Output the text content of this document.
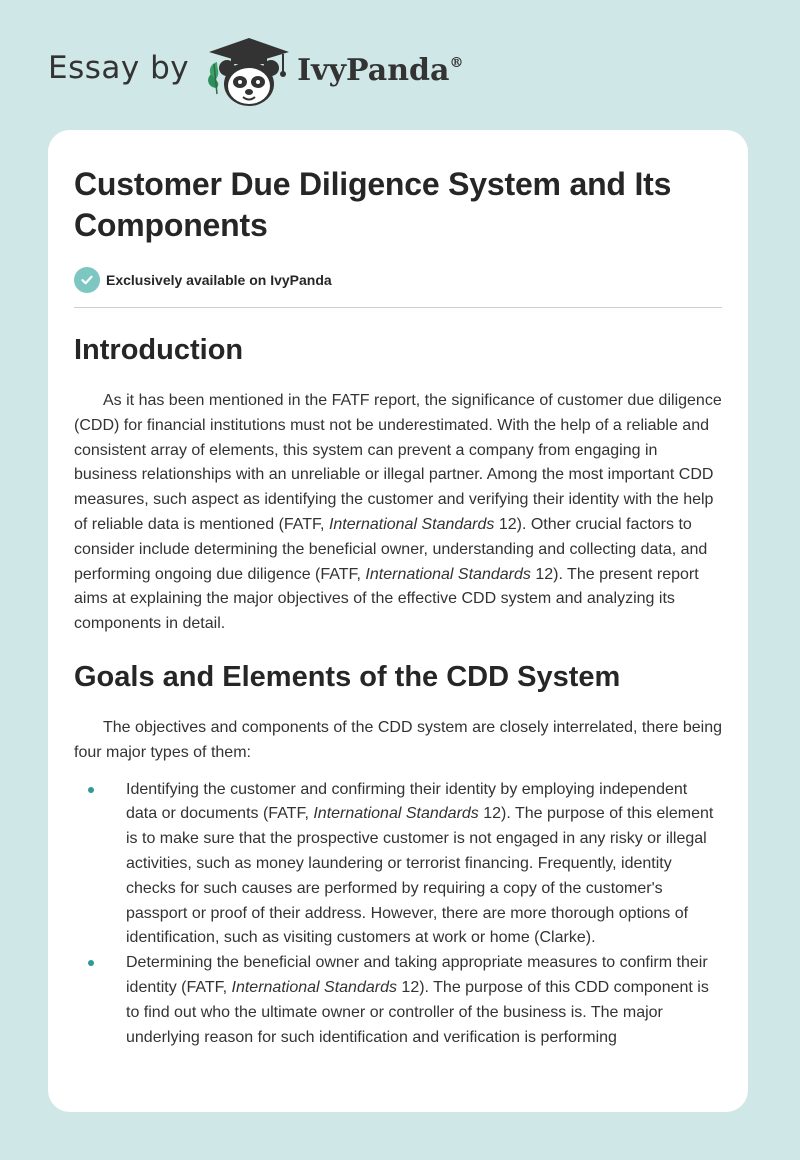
Essay by	IvyPanda®
Customer Due Diligence System and Its Components
Exclusively available on IvyPanda
Introduction

As it has been mentioned in the FATF report, the significance of customer due diligence (CDD) for financial institutions must not be underestimated. With the help of a reliable and consistent array of elements, this system can prevent a company from engaging in business relationships with an unreliable or illegal partner. Among the most important CDD measures, such aspect as identifying the customer and verifying their identity with the help of reliable data is mentioned (FATF, International Standards 12). Other crucial factors to consider include determining the beneficial owner, understanding and collecting data, and performing ongoing due diligence (FATF, International Standards 12). The present report aims at explaining the major objectives of the effective CDD system and analyzing its components in detail.

Goals and Elements of the CDD System

The objectives and components of the CDD system are closely interrelated, there being four major types of them:

Identifying the customer and confirming their identity by employing independent data or documents (FATF, International Standards 12). The purpose of this element is to make sure that the prospective customer is not engaged in any risky or illegal activities, such as money laundering or terrorist financing. Frequently, identity checks for such causes are performed by requiring a copy of the customer's passport or proof of their address. However, there are more thorough options of identification, such as visiting customers at work or home (Clarke).
Determining the beneficial owner and taking appropriate measures to confirm their identity (FATF, International Standards 12). The purpose of this CDD component is to find out who the ultimate owner or controller of the business is. The major underlying reason for such identification and verification is performing
